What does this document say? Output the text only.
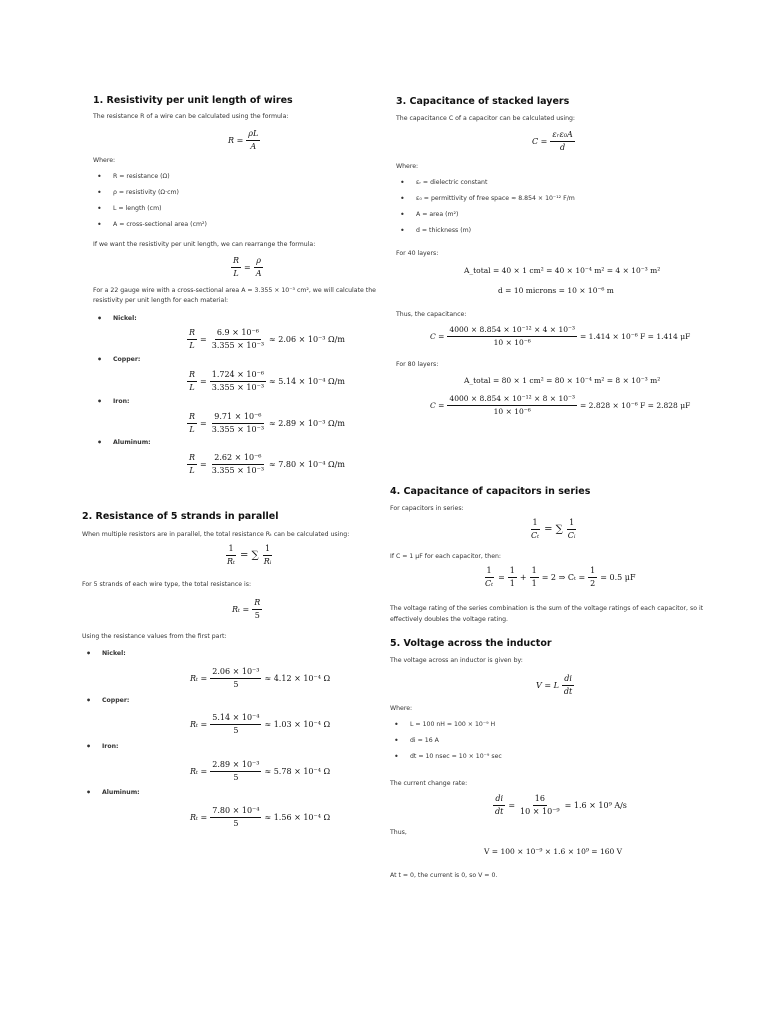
1. Resistivity per unit length of wires
The resistance R of a wire can be calculated using the formula:
$R = \frac{\rho L}{A}$
Where:
• R = resistance (Ω)
• ρ = resistivity (Ω·cm)
• L = length (cm)
• A = cross-sectional area (cm²)
If we want the resistivity per unit length, we can rearrange the formula:
$\frac{R}{L} = \frac{\rho}{A}$
For a 22 gauge wire with a cross-sectional area A = 3.355 × 10⁻³ cm², we will calculate the
resistivity per unit length for each material:
• Nickel:
$\frac{R}{L} = \frac{\text{6.9 × 10⁻⁶}}{\text{3.355 × 10⁻³}} \approx 2.06 \times 10^{-3}$ Ω/m
• Copper:
$\frac{R}{L} = \frac{\text{1.724 × 10⁻⁶}}{\text{3.355 × 10⁻³}} \approx 5.14 \times 10^{-4}$ Ω/m
• Iron:
$\frac{R}{L} = \frac{\text{9.71 × 10⁻⁶}}{\text{3.355 × 10⁻³}} \approx 2.89 \times 10^{-3}$ Ω/m
• Aluminum:
$\frac{R}{L} = \frac{\text{2.62 × 10⁻⁶}}{\text{3.355 × 10⁻³}} \approx 7.80 \times 10^{-4}$ Ω/m
2. Resistance of 5 strands in parallel
When multiple resistors are in parallel, the total resistance Rₜ can be calculated using:
$\frac{1}{\text{Rₜ}}$ = ∑ $\frac{1}{\text{Rᵢ}}$
For 5 strands of each wire type, the total resistance is:
$R_t = \frac{R}{5}$
Using the resistance values from the first part:
• Nickel:
$R_t = \frac{\text{2.06 × 10⁻³}}{5} \approx 4.12 \times 10^{-4}$ Ω
• Copper:
$R_t = \frac{\text{5.14 × 10⁻⁴}}{5} \approx 1.03 \times 10^{-4}$ Ω
• Iron:
$R_t = \frac{\text{2.89 × 10⁻³}}{5} \approx 5.78 \times 10^{-4}$ Ω
• Aluminum:
$R_t = \frac{\text{7.80 × 10⁻⁴}}{5} \approx 1.56 \times 10^{-4}$ Ω
3. Capacitance of stacked layers
The capacitance C of a capacitor can be calculated using:
$C = \frac{\text{εᵣε₀A}}{d}$
Where:
• εᵣ = dielectric constant
• ε₀ = permittivity of free space ≈ 8.854 × 10⁻¹² F/m
• A = area (m²)
• d = thickness (m)
For 40 layers:
A_total = 40 × 1 cm² = 40 × 10⁻⁴ m² = 4 × 10⁻³ m²
d = 10 microns = 10 × 10⁻⁶ m
Thus, the capacitance:
$C = \frac{\text{4000 × 8.854 × 10⁻¹² × 4 × 10⁻³}}{\text{10 × 10⁻⁶}} = 1.414 \times 10^{-6}$ F = 1.414 μF
For 80 layers:
A_total = 80 × 1 cm² = 80 × 10⁻⁴ m² = 8 × 10⁻³ m²
$C = \frac{\text{4000 × 8.854 × 10⁻¹² × 8 × 10⁻³}}{\text{10 × 10⁻⁶}} = 2.828 \times 10^{-6}$ F = 2.828 μF
4. Capacitance of capacitors in series
For capacitors in series:
$\frac{1}{\text{Cₜ}}$ = ∑ $\frac{1}{\text{Cᵢ}}$
If C = 1 μF for each capacitor, then:
$\frac{1}{\text{Cₜ}} = \frac{1}{1} + \frac{1}{1} = 2$ ⇒ $C_t = \frac{1}{2} = 0.5$ μF
The voltage rating of the series combination is the sum of the voltage ratings of each capacitor, so it
effectively doubles the voltage rating.
5. Voltage across the inductor
The voltage across an inductor is given by:
V = L $\frac{di}{dt}$
Where:
• L = 100 nH = 100 × 10⁻⁹ H
• di = 16 A
• dt = 10 nsec = 10 × 10⁻⁹ sec
The current change rate:
$\frac{di}{dt} = \frac{16}{\text{10 × 10⁻⁹}} = 1.6 \times 10^9$ A/s
Thus,
V = 100 × 10⁻⁹ × 1.6 × 10⁹ = 160 V
At t = 0, the current is 0, so V = 0.
